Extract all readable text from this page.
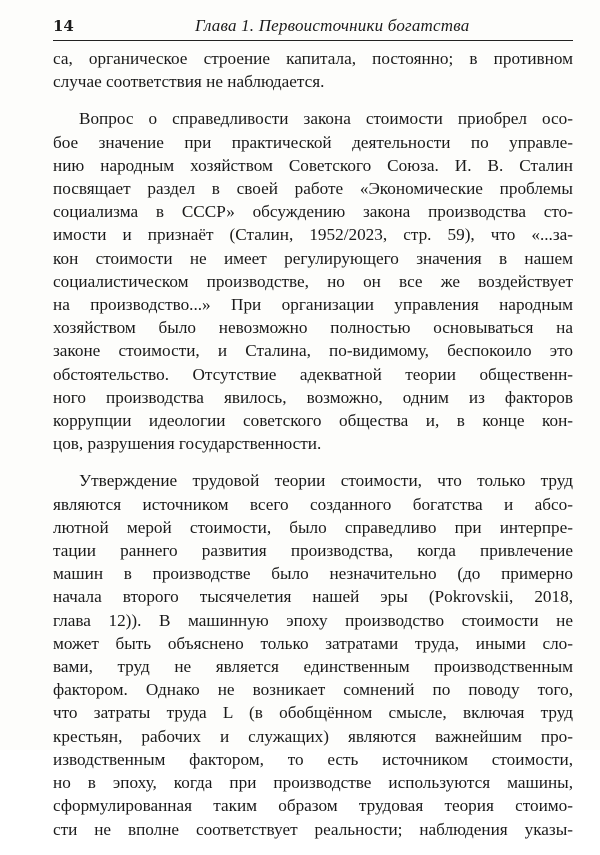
14	Глава 1. Первоисточники богатства
са, органическое строение капитала, постоянно; в противном
случае соответствия не наблюдается.
Вопрос о справедливости закона стоимости приобрел осо-
бое значение при практической деятельности по управле-
нию народным хозяйством Советского Союза. И. В. Сталин
посвящает раздел в своей работе «Экономические проблемы
социализма в СССР» обсуждению закона производства сто-
имости и признаёт (Сталин, 1952/2023, стр. 59), что «...за-
кон стоимости не имеет регулирующего значения в нашем
социалистическом производстве, но он все же воздействует
на производство...» При организации управления народным
хозяйством было невозможно полностью основываться на
законе стоимости, и Сталина, по-видимому, беспокоило это
обстоятельство. Отсутствие адекватной теории общественн-
ного производства явилось, возможно, одним из факторов
коррупции идеологии советского общества и, в конце кон-
цов, разрушения государственности.
Утверждение трудовой теории стоимости, что только труд
являются источником всего созданного богатства и абсо-
лютной мерой стоимости, было справедливо при интерпре-
тации раннего развития производства, когда привлечение
машин в производстве было незначительно (до примерно
начала второго тысячелетия нашей эры (Pokrovskii, 2018,
глава 12)). В машинную эпоху производство стоимости не
может быть объяснено только затратами труда, иными сло-
вами, труд не является единственным производственным
фактором. Однако не возникает сомнений по поводу того,
что затраты труда L (в обобщённом смысле, включая труд
крестьян, рабочих и служащих) являются важнейшим про-
изводственным фактором, то есть источником стоимости,
но в эпоху, когда при производстве используются машины,
сформулированная таким образом трудовая теория стоимо-
сти не вполне соответствует реальности; наблюдения указы-
